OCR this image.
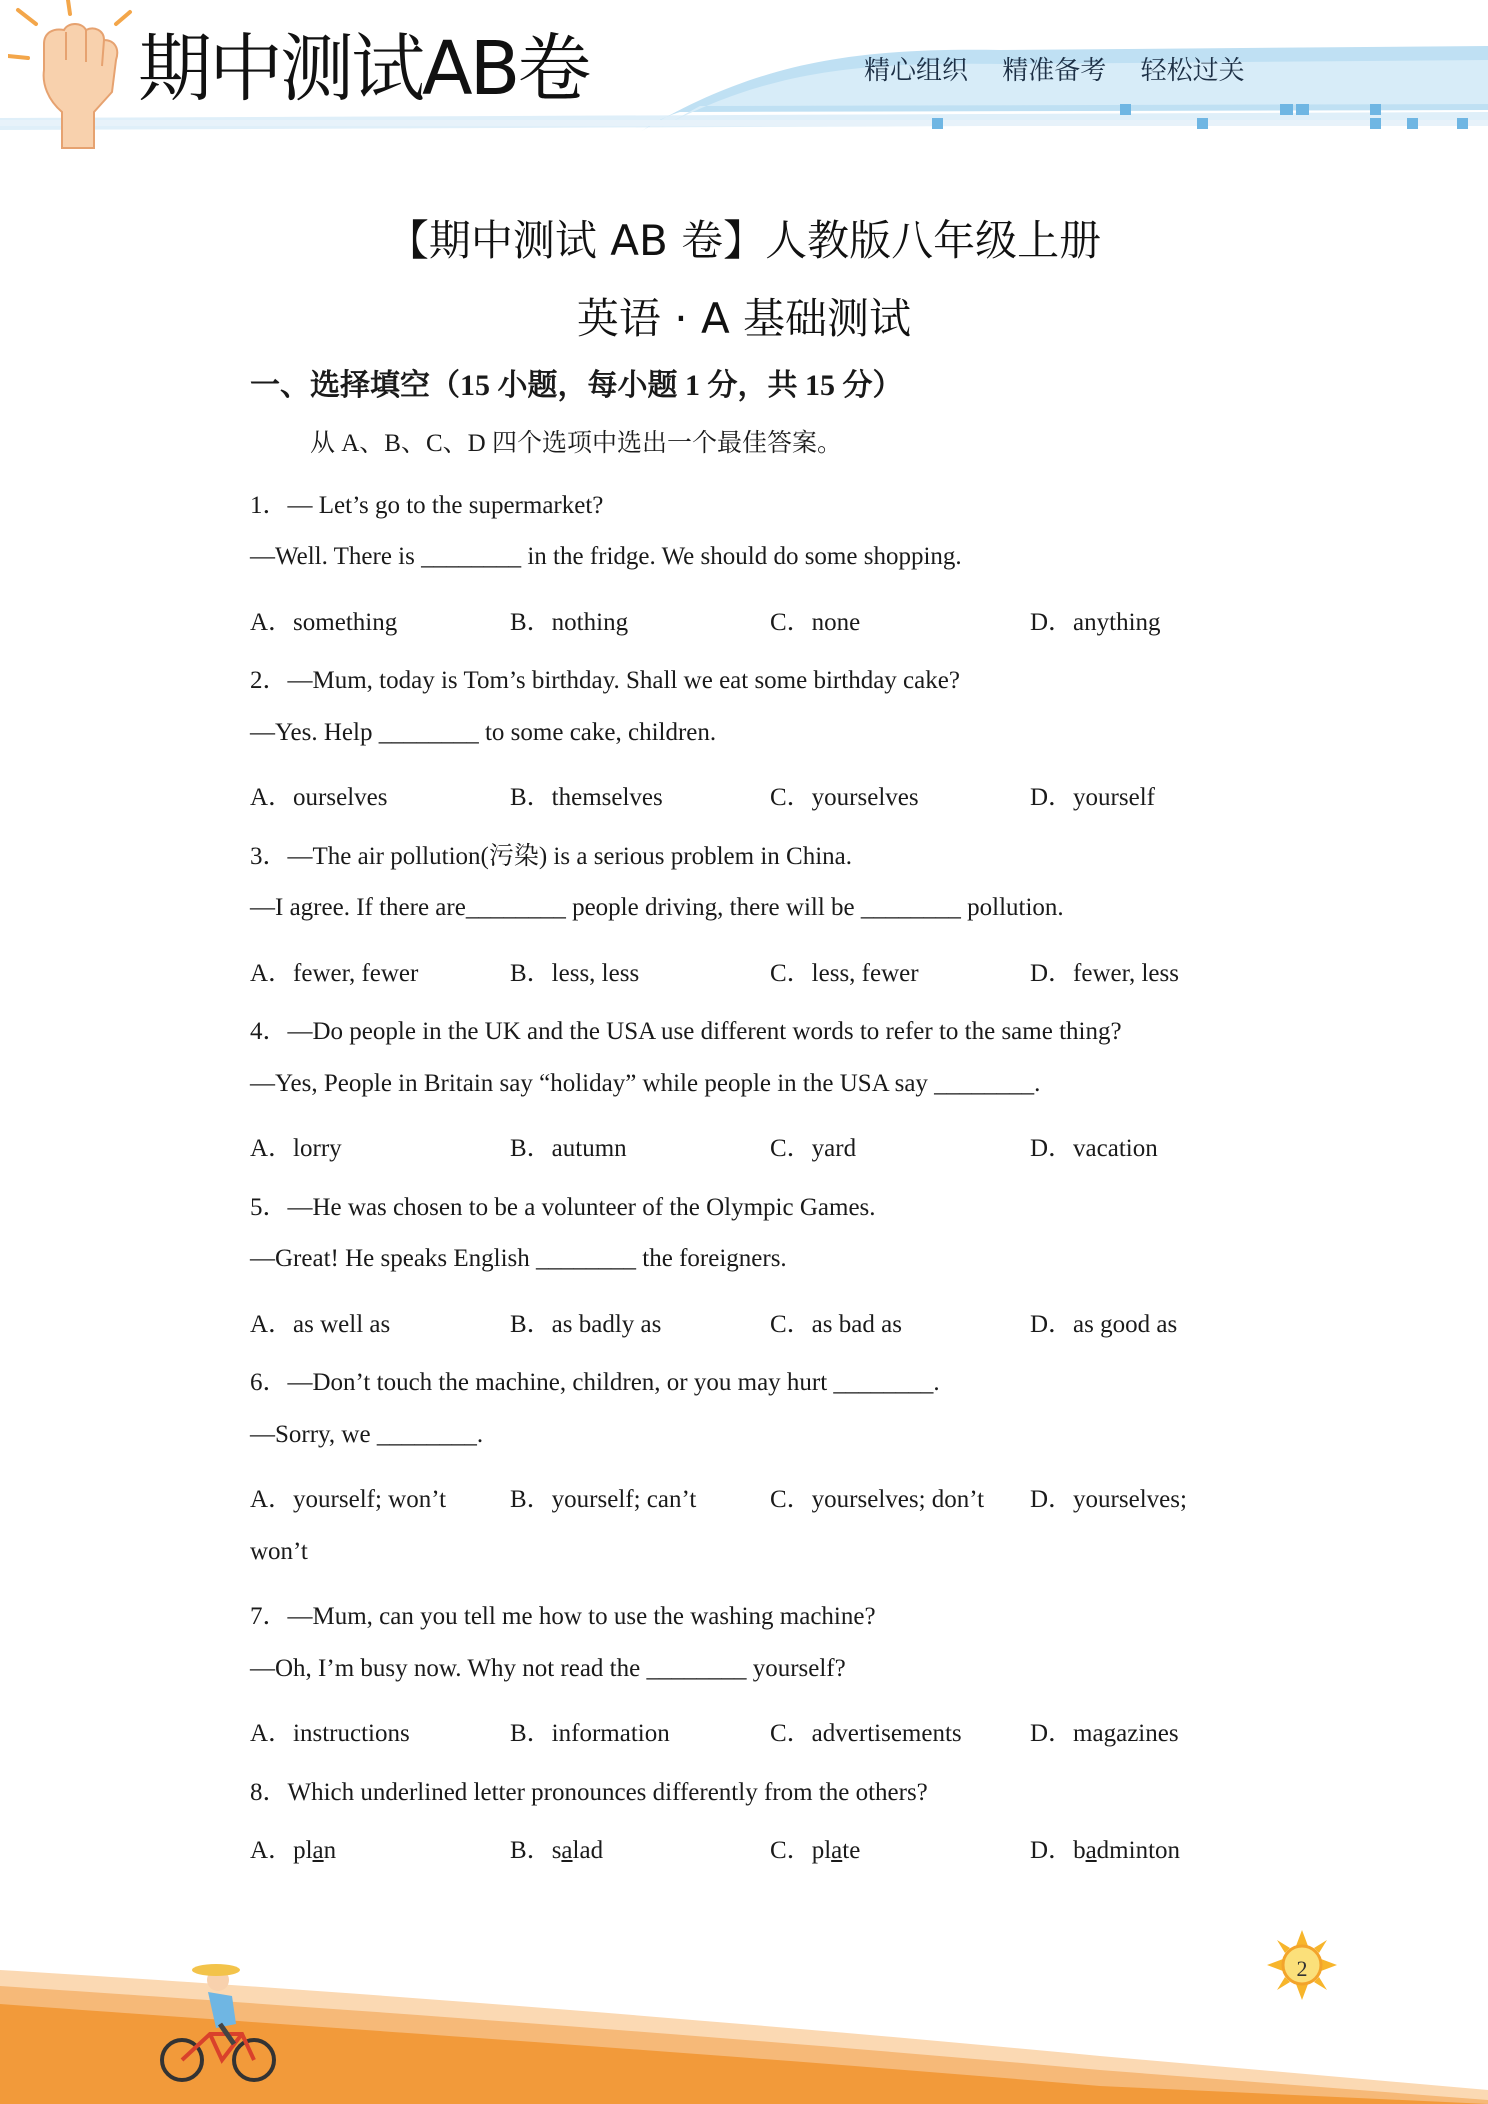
期中测试AB卷	精心组织 精准备考 轻松过关
【期中测试 AB 卷】人教版八年级上册
英语 · A 基础测试
一、选择填空（15 小题，每小题 1 分，共 15 分）
从 A、B、C、D 四个选项中选出一个最佳答案。
1．— Let’s go to the supermarket?
—Well. There is ________ in the fridge. We should do some shopping.
A．something	B．nothing	C．none	D．anything
2．—Mum, today is Tom’s birthday. Shall we eat some birthday cake?
—Yes. Help ________ to some cake, children.
A．ourselves	B．themselves	C．yourselves	D．yourself
3．—The air pollution(污染) is a serious problem in China.
—I agree. If there are________ people driving, there will be ________ pollution.
A．fewer, fewer	B．less, less	C．less, fewer	D．fewer, less
4．—Do people in the UK and the USA use different words to refer to the same thing?
—Yes, People in Britain say “holiday” while people in the USA say ________.
A．lorry	B．autumn	C．yard	D．vacation
5．—He was chosen to be a volunteer of the Olympic Games.
—Great! He speaks English ________ the foreigners.
A．as well as	B．as badly as	C．as bad as	D．as good as
6．—Don’t touch the machine, children, or you may hurt ________.
—Sorry, we ________.
A．yourself; won’t	B．yourself; can’t	C．yourselves; don’t D．yourselves;
won’t
7．—Mum, can you tell me how to use the washing machine?
—Oh, I’m busy now. Why not read the ________ yourself?
A．instructions	B．information	C．advertisements	D．magazines
8．Which underlined letter pronounces differently from the others?
A．plan	B．salad	C．plate	D．badminton
2
